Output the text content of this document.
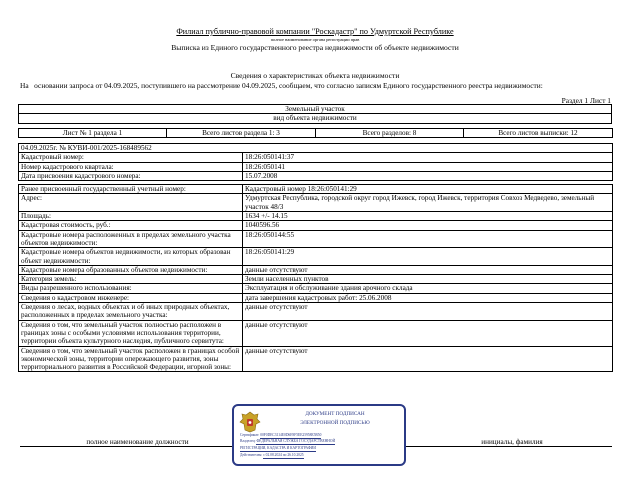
Филиал публично-правовой компании "Роскадастр" по Удмуртской Республике
полное наименование органа регистрации прав
Выписка из Единого государственного реестра недвижимости об объекте недвижимости
Сведения о характеристиках объекта недвижимости
На основании запроса от 04.09.2025, поступившего на рассмотрение 04.09.2025, сообщаем, что согласно записям Единого государственного реестра недвижимости:
Раздел 1 Лист 1
Земельный участок
вид объекта недвижимости
Лист № 1 раздела 1	Всего листов раздела 1: 3	Всего разделов: 8	Всего листов выписки: 12
04.09.2025г. № КУВИ-001/2025-168489562	
Кадастровый номер:	18:26:050141:37
Номер кадастрового квартала:	18:26:050141
Дата присвоения кадастрового номера:	15.07.2008

Ранее присвоенный государственный учетный номер:	Кадастровый номер 18:26:050141:29
Адрес:	Удмуртская Республика, городской округ город Ижевск, город Ижевск, территория Совхоз Медведево, земельный участок 48/3
Площадь:	1634 +/- 14.15
Кадастровая стоимость, руб.:	1040596.56
Кадастровые номера расположенных в пределах земельного участка объектов недвижимости:	18:26:050144:55
Кадастровые номера объектов недвижимости, из которых образован объект недвижимости:	18:26:050141:29
Кадастровые номера образованных объектов недвижимости:	данные отсутствуют
Категория земель:	Земли населенных пунктов
Виды разрешенного использования:	Эксплуатация и обслуживание здания арочного склада
Сведения о кадастровом инженере:	дата завершения кадастровых работ: 25.06.2008
Сведения о лесах, водных объектах и об иных природных объектах, расположенных в пределах земельного участка:	данные отсутствуют
Сведения о том, что земельный участок полностью расположен в границах зоны с особыми условиями использования территории, территории объекта культурного наследия, публичного сервитута:	данные отсутствуют
Сведения о том, что земельный участок расположен в границах особой экономической зоны, территории опережающего развития, зоны территориального развития в Российской Федерации, игорной зоны:	данные отсутствуют
полное наименование должности	инициалы, фамилия
ДОКУМЕНТ ПОДПИСАН
ЭЛЕКТРОННОЙ ПОДПИСЬЮ
Сертификат: 00F0DEC3114E0D6E9F5EE25958E5B50
Владелец: ФЕДЕРАЛЬНАЯ СЛУЖБА ГОСУДАРСТВЕННОЙ
РЕГИСТРАЦИИ, КАДАСТРА И КАРТОГРАФИИ
Действителен: с 02.08.2024 по 26.10.2025
